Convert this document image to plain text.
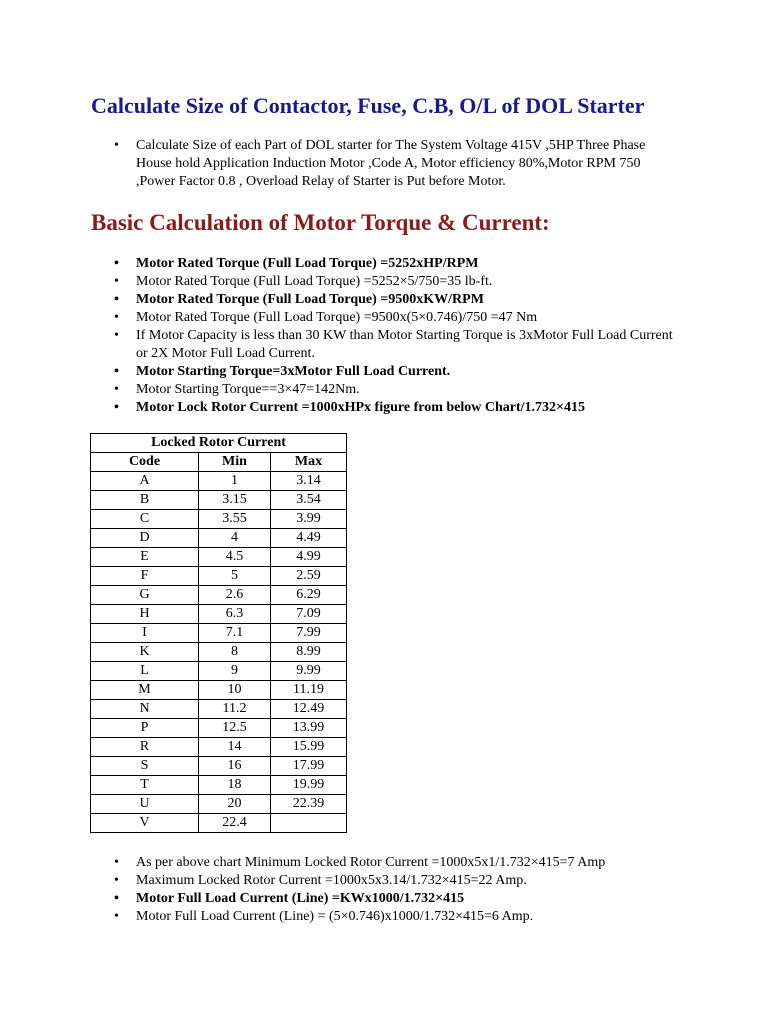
Calculate Size of Contactor, Fuse, C.B, O/L of DOL Starter
• Calculate Size of each Part of DOL starter for The System Voltage 415V ,5HP Three Phase House hold Application Induction Motor ,Code A, Motor efficiency 80%,Motor RPM 750 ,Power Factor 0.8 , Overload Relay of Starter is Put before Motor.
Basic Calculation of Motor Torque & Current:
• Motor Rated Torque (Full Load Torque) =5252xHP/RPM
• Motor Rated Torque (Full Load Torque) =5252×5/750=35 lb-ft.
• Motor Rated Torque (Full Load Torque) =9500xKW/RPM
• Motor Rated Torque (Full Load Torque) =9500x(5×0.746)/750 =47 Nm
• If Motor Capacity is less than 30 KW than Motor Starting Torque is 3xMotor Full Load Current or 2X Motor Full Load Current.
• Motor Starting Torque=3xMotor Full Load Current.
• Motor Starting Torque==3×47=142Nm.
• Motor Lock Rotor Current =1000xHPx figure from below Chart/1.732×415
Locked Rotor Current		
Code	Min	Max
A	1	3.14
B	3.15	3.54
C	3.55	3.99
D	4	4.49
E	4.5	4.99
F	5	2.59
G	2.6	6.29
H	6.3	7.09
I	7.1	7.99
K	8	8.99
L	9	9.99
M	10	11.19
N	11.2	12.49
P	12.5	13.99
R	14	15.99
S	16	17.99
T	18	19.99
U	20	22.39
V	22.4	
• As per above chart Minimum Locked Rotor Current =1000x5x1/1.732×415=7 Amp
• Maximum Locked Rotor Current =1000x5x3.14/1.732×415=22 Amp.
• Motor Full Load Current (Line) =KWx1000/1.732×415
• Motor Full Load Current (Line) = (5×0.746)x1000/1.732×415=6 Amp.
